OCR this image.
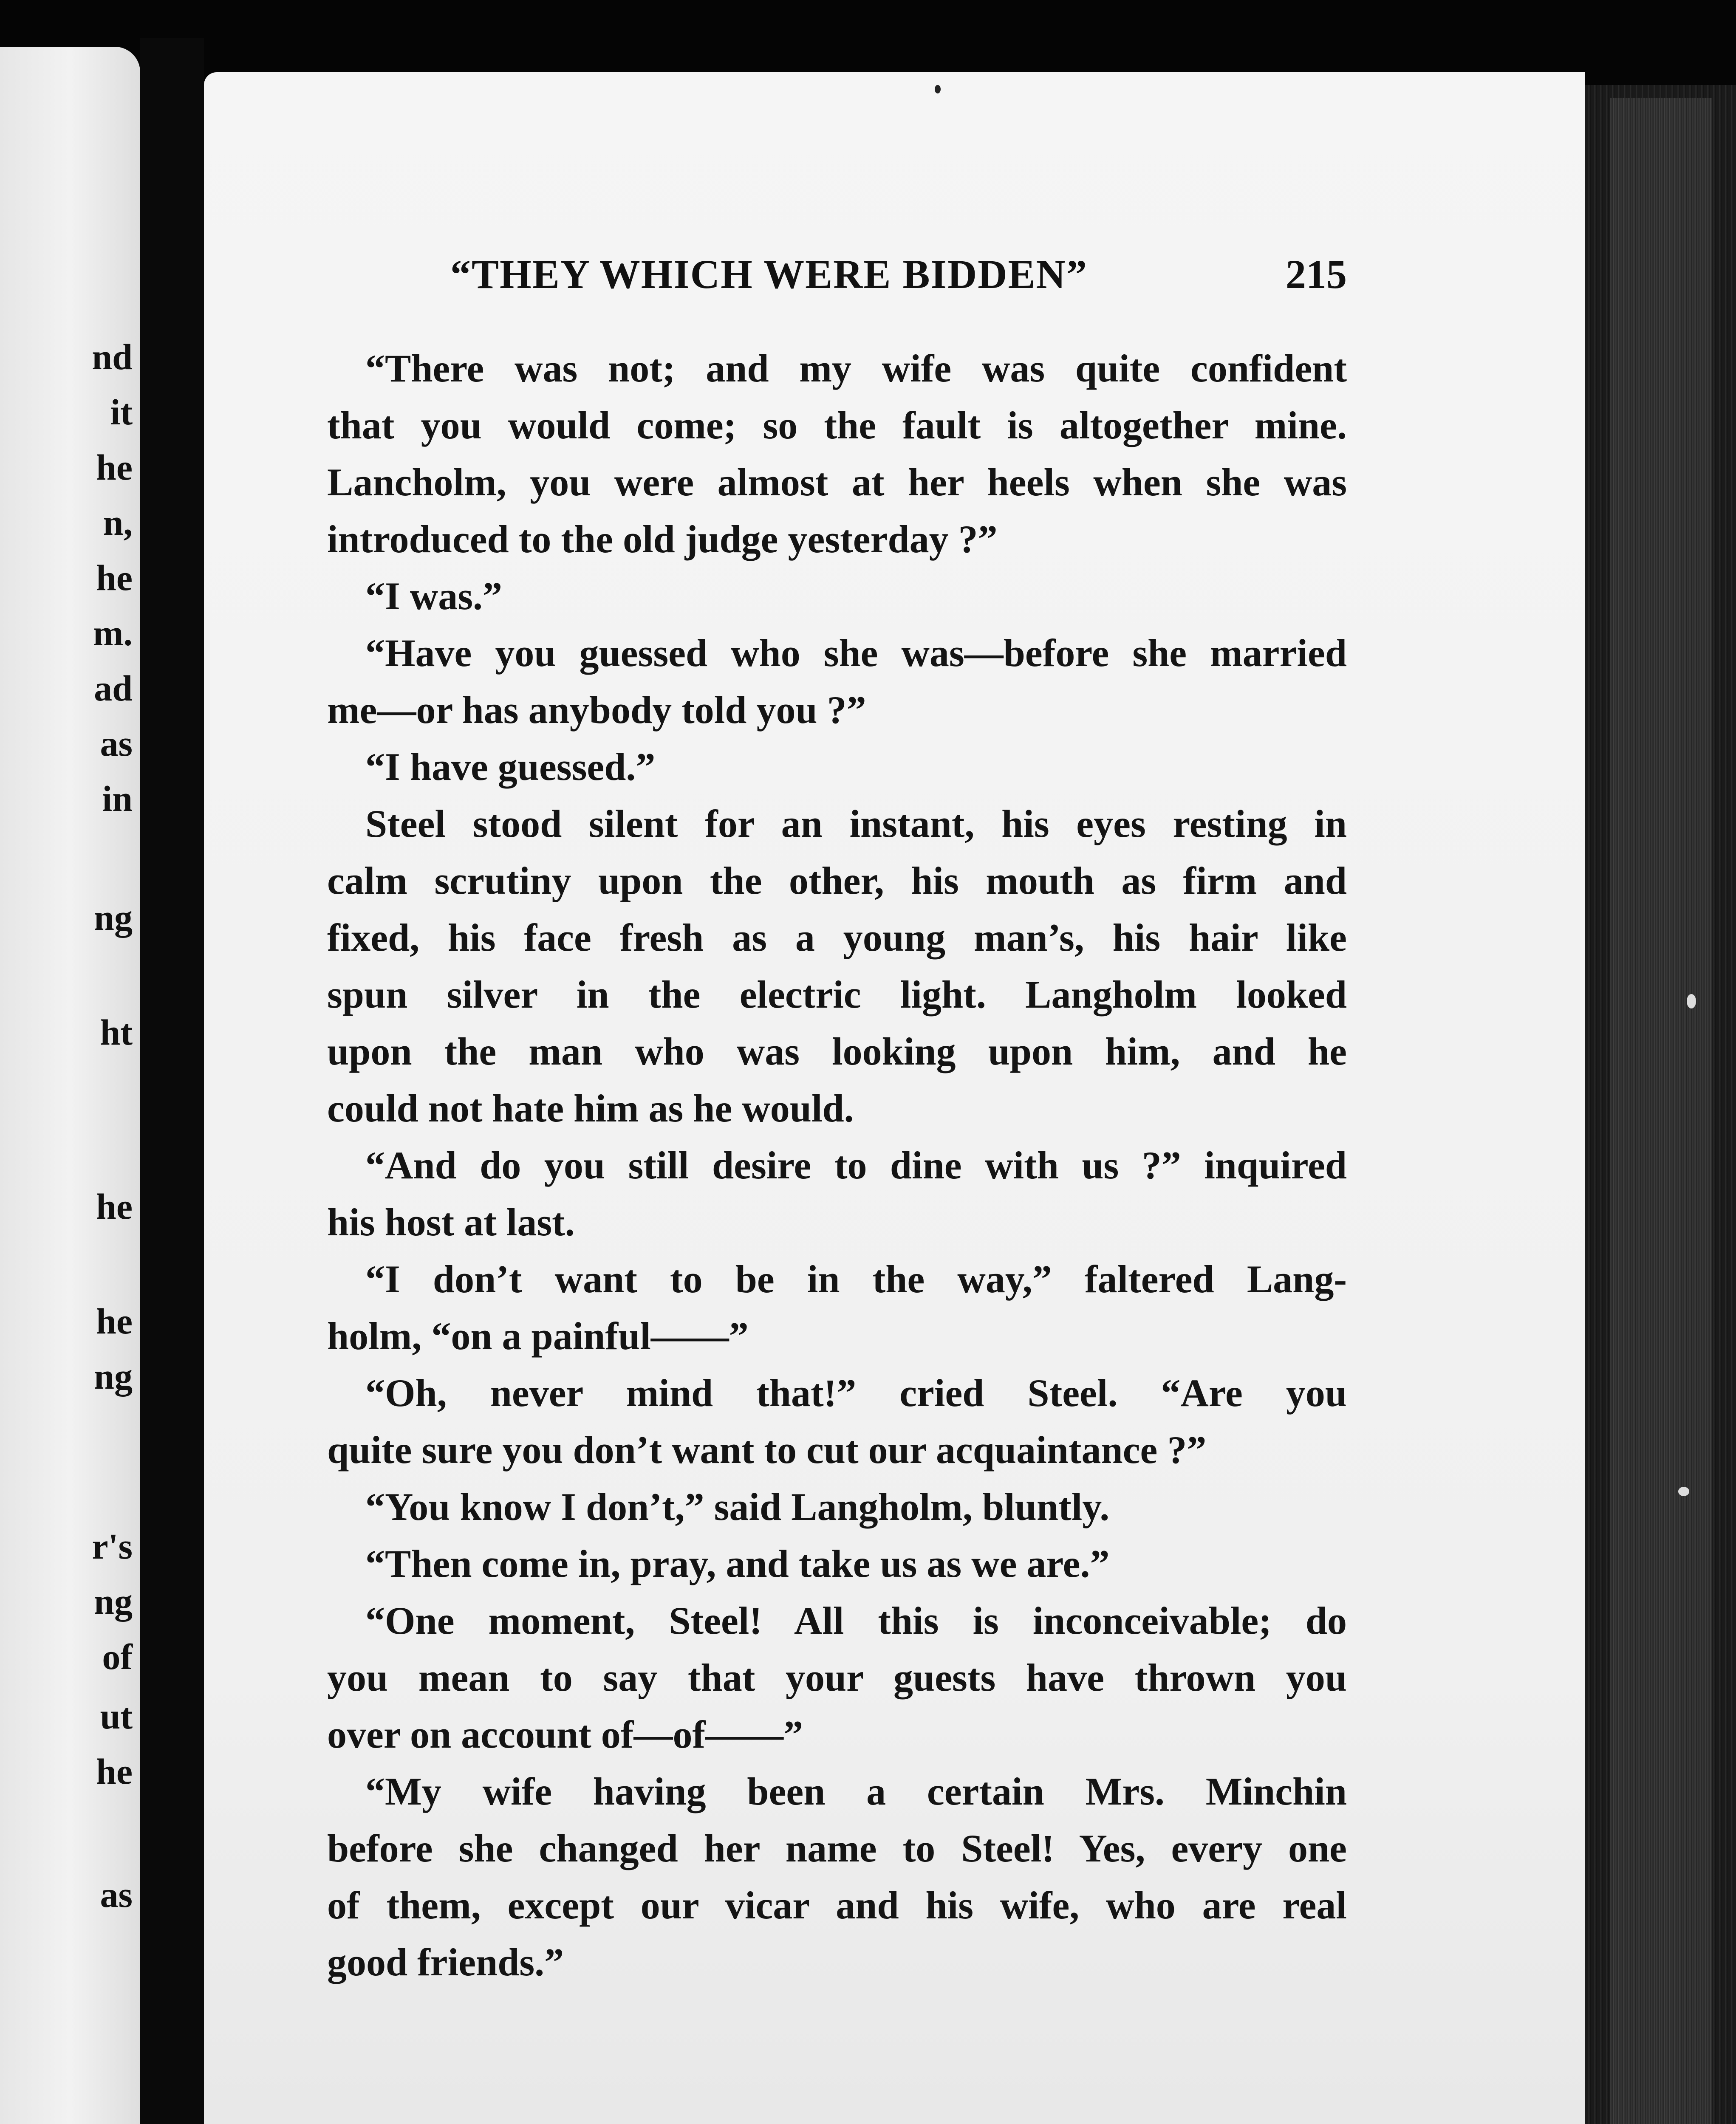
nd
it
he
n,
he
m.
ad
as
in
ng
ht
he
he
ng
r's
ng
of
ut
he
as
“THEY WHICH WERE BIDDEN”	215
“There was not; and my wife was quite confident
that you would come; so the fault is altogether mine.
Lancholm, you were almost at her heels when she was
introduced to the old judge yesterday ?”
“I was.”
“Have you guessed who she was—before she married
me—or has anybody told you ?”
“I have guessed.”
Steel stood silent for an instant, his eyes resting in
calm scrutiny upon the other, his mouth as firm and
fixed, his face fresh as a young man’s, his hair like
spun silver in the electric light. Langholm looked
upon the man who was looking upon him, and he
could not hate him as he would.
“And do you still desire to dine with us ?” inquired
his host at last.
“I don’t want to be in the way,” faltered Lang-
holm, “on a painful——”
“Oh, never mind that!” cried Steel. “Are you
quite sure you don’t want to cut our acquaintance ?”
“You know I don’t,” said Langholm, bluntly.
“Then come in, pray, and take us as we are.”
“One moment, Steel! All this is inconceivable; do
you mean to say that your guests have thrown you
over on account of—of——”
“My wife having been a certain Mrs. Minchin
before she changed her name to Steel! Yes, every one
of them, except our vicar and his wife, who are real
good friends.”
